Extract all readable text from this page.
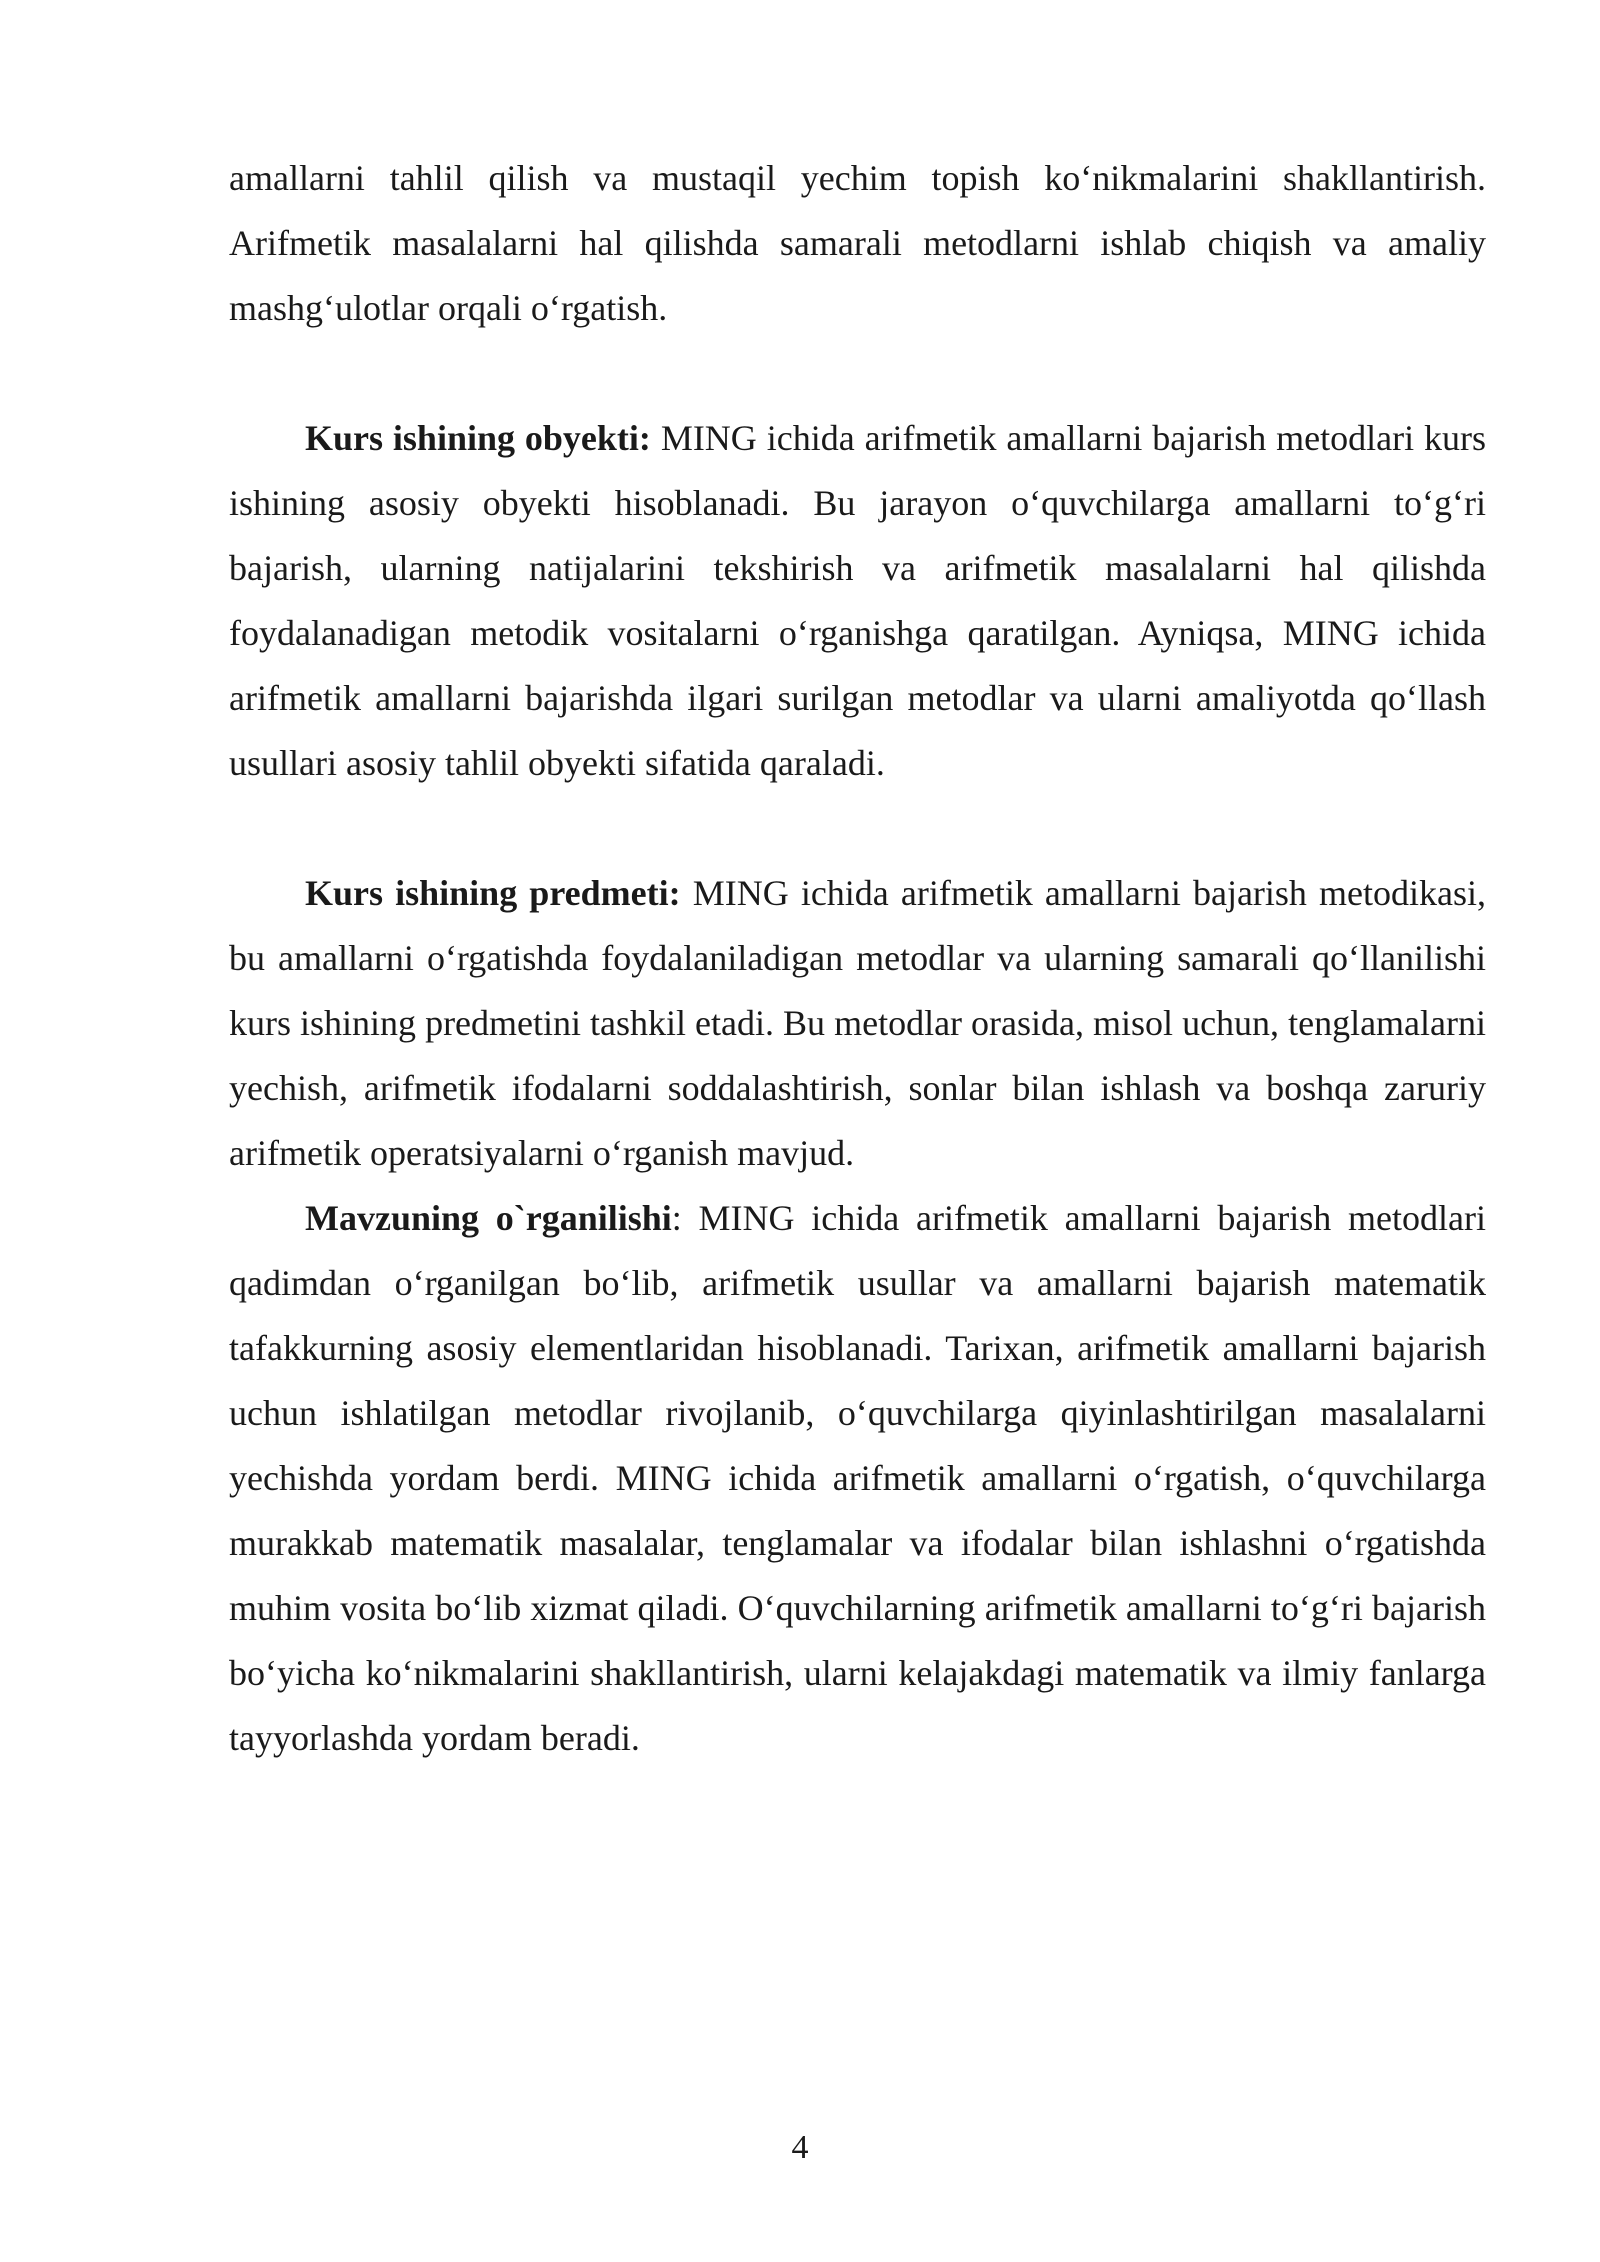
amallarni tahlil qilish va mustaqil yechim topish ko‘nikmalarini shakllantirish. Arifmetik masalalarni hal qilishda samarali metodlarni ishlab chiqish va amaliy mashg‘ulotlar orqali o‘rgatish.

Kurs ishining obyekti: MING ichida arifmetik amallarni bajarish metodlari kurs ishining asosiy obyekti hisoblanadi. Bu jarayon o‘quvchilarga amallarni to‘g‘ri bajarish, ularning natijalarini tekshirish va arifmetik masalalarni hal qilishda foydalanadigan metodik vositalarni o‘rganishga qaratilgan. Ayniqsa, MING ichida arifmetik amallarni bajarishda ilgari surilgan metodlar va ularni amaliyotda qo‘llash usullari asosiy tahlil obyekti sifatida qaraladi.

Kurs ishining predmeti: MING ichida arifmetik amallarni bajarish metodikasi, bu amallarni o‘rgatishda foydalaniladigan metodlar va ularning samarali qo‘llanilishi kurs ishining predmetini tashkil etadi. Bu metodlar orasida, misol uchun, tenglamalarni yechish, arifmetik ifodalarni soddalashtirish, sonlar bilan ishlash va boshqa zaruriy arifmetik operatsiyalarni o‘rganish mavjud.

Mavzuning o`rganilishi: MING ichida arifmetik amallarni bajarish metodlari qadimdan o‘rganilgan bo‘lib, arifmetik usullar va amallarni bajarish matematik tafakkurning asosiy elementlaridan hisoblanadi. Tarixan, arifmetik amallarni bajarish uchun ishlatilgan metodlar rivojlanib, o‘quvchilarga qiyinlashtirilgan masalalarni yechishda yordam berdi. MING ichida arifmetik amallarni o‘rgatish, o‘quvchilarga murakkab matematik masalalar, tenglamalar va ifodalar bilan ishlashni o‘rgatishda muhim vosita bo‘lib xizmat qiladi. O‘quvchilarning arifmetik amallarni to‘g‘ri bajarish bo‘yicha ko‘nikmalarini shakllantirish, ularni kelajakdagi matematik va ilmiy fanlarga tayyorlashda yordam beradi.

4
